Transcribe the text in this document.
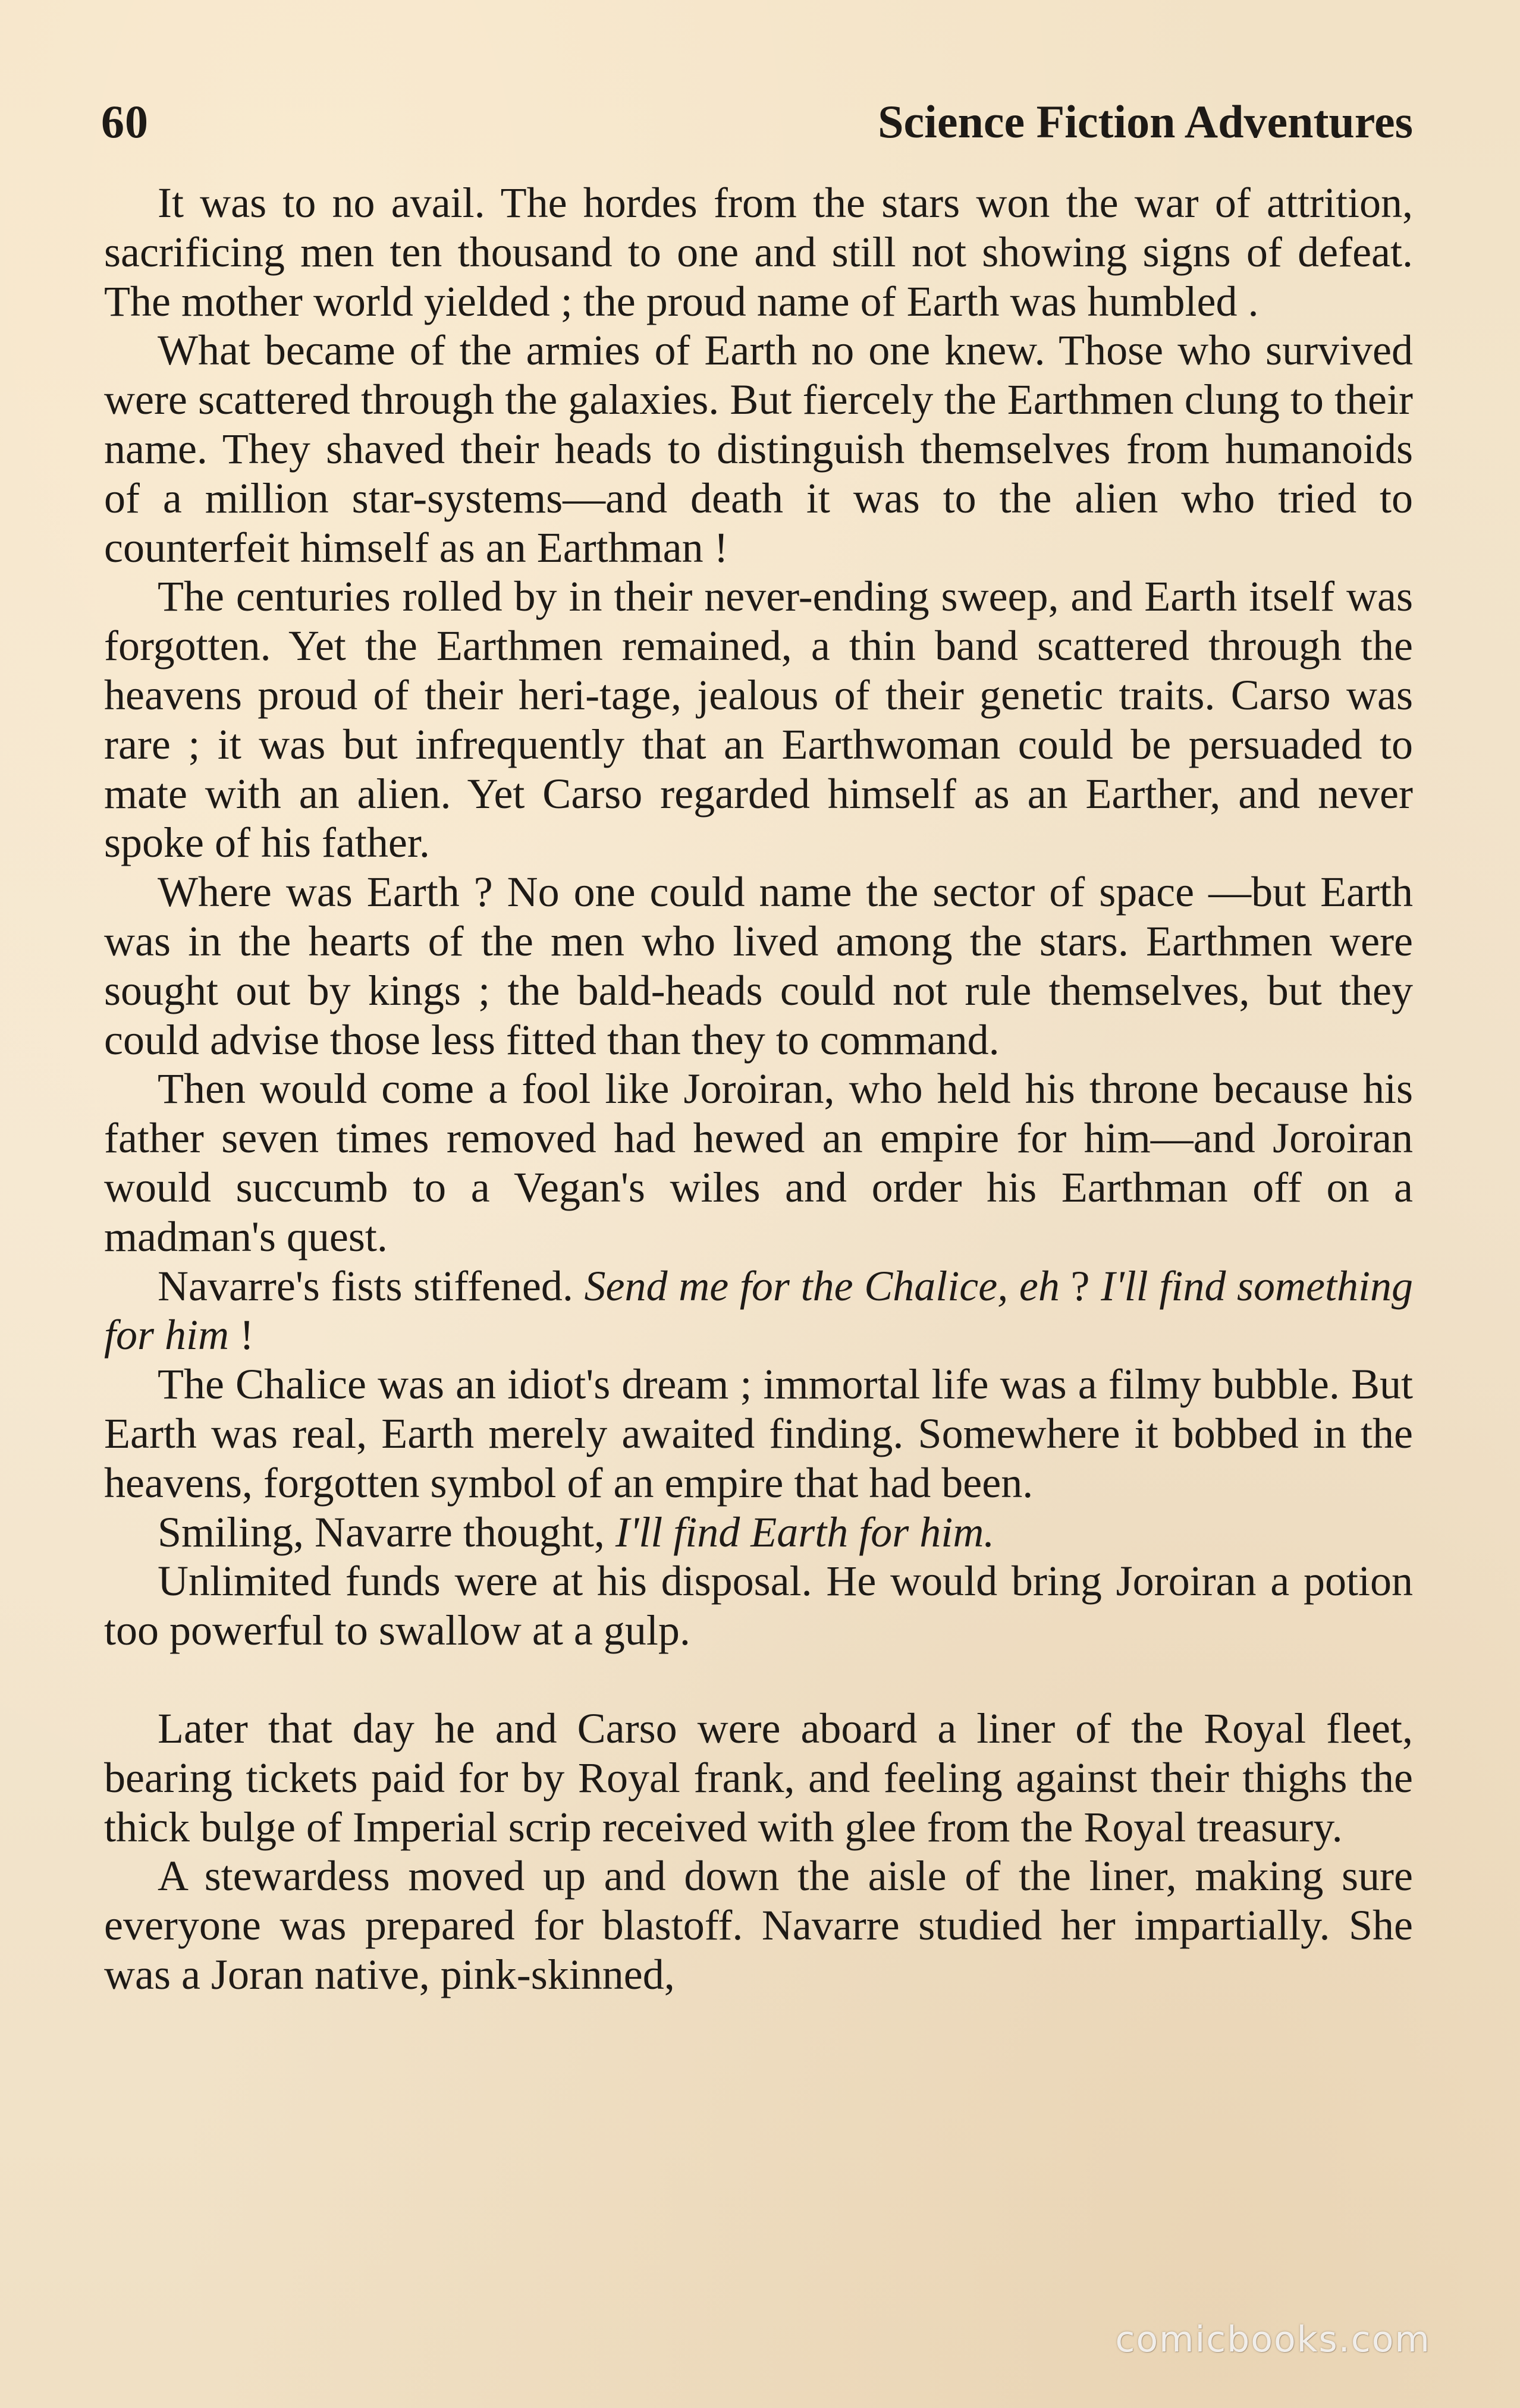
60	Science Fiction Adventures

It was to no avail. The hordes from the stars won the war of attrition, sacrificing men ten thousand to one and still not showing signs of defeat. The mother world yielded ; the proud name of Earth was humbled .

What became of the armies of Earth no one knew. Those who survived were scattered through the galaxies. But fiercely the Earthmen clung to their name. They shaved their heads to distinguish themselves from humanoids of a million star-systems—and death it was to the alien who tried to counterfeit himself as an Earthman !

The centuries rolled by in their never-ending sweep, and Earth itself was forgotten. Yet the Earthmen remained, a thin band scattered through the heavens proud of their heri-tage, jealous of their genetic traits. Carso was rare ; it was but infrequently that an Earthwoman could be persuaded to mate with an alien. Yet Carso regarded himself as an Earther, and never spoke of his father.

Where was Earth ? No one could name the sector of space —but Earth was in the hearts of the men who lived among the stars. Earthmen were sought out by kings ; the bald-heads could not rule themselves, but they could advise those less fitted than they to command.

Then would come a fool like Joroiran, who held his throne because his father seven times removed had hewed an empire for him—and Joroiran would succumb to a Vegan's wiles and order his Earthman off on a madman's quest.

Navarre's fists stiffened. Send me for the Chalice, eh ? I'll find something for him !

The Chalice was an idiot's dream ; immortal life was a filmy bubble. But Earth was real, Earth merely awaited finding. Somewhere it bobbed in the heavens, forgotten symbol of an empire that had been.

Smiling, Navarre thought, I'll find Earth for him.

Unlimited funds were at his disposal. He would bring Joroiran a potion too powerful to swallow at a gulp.

Later that day he and Carso were aboard a liner of the Royal fleet, bearing tickets paid for by Royal frank, and feeling against their thighs the thick bulge of Imperial scrip received with glee from the Royal treasury.

A stewardess moved up and down the aisle of the liner, making sure everyone was prepared for blastoff. Navarre studied her impartially. She was a Joran native, pink-skinned,

comicbooks.com
